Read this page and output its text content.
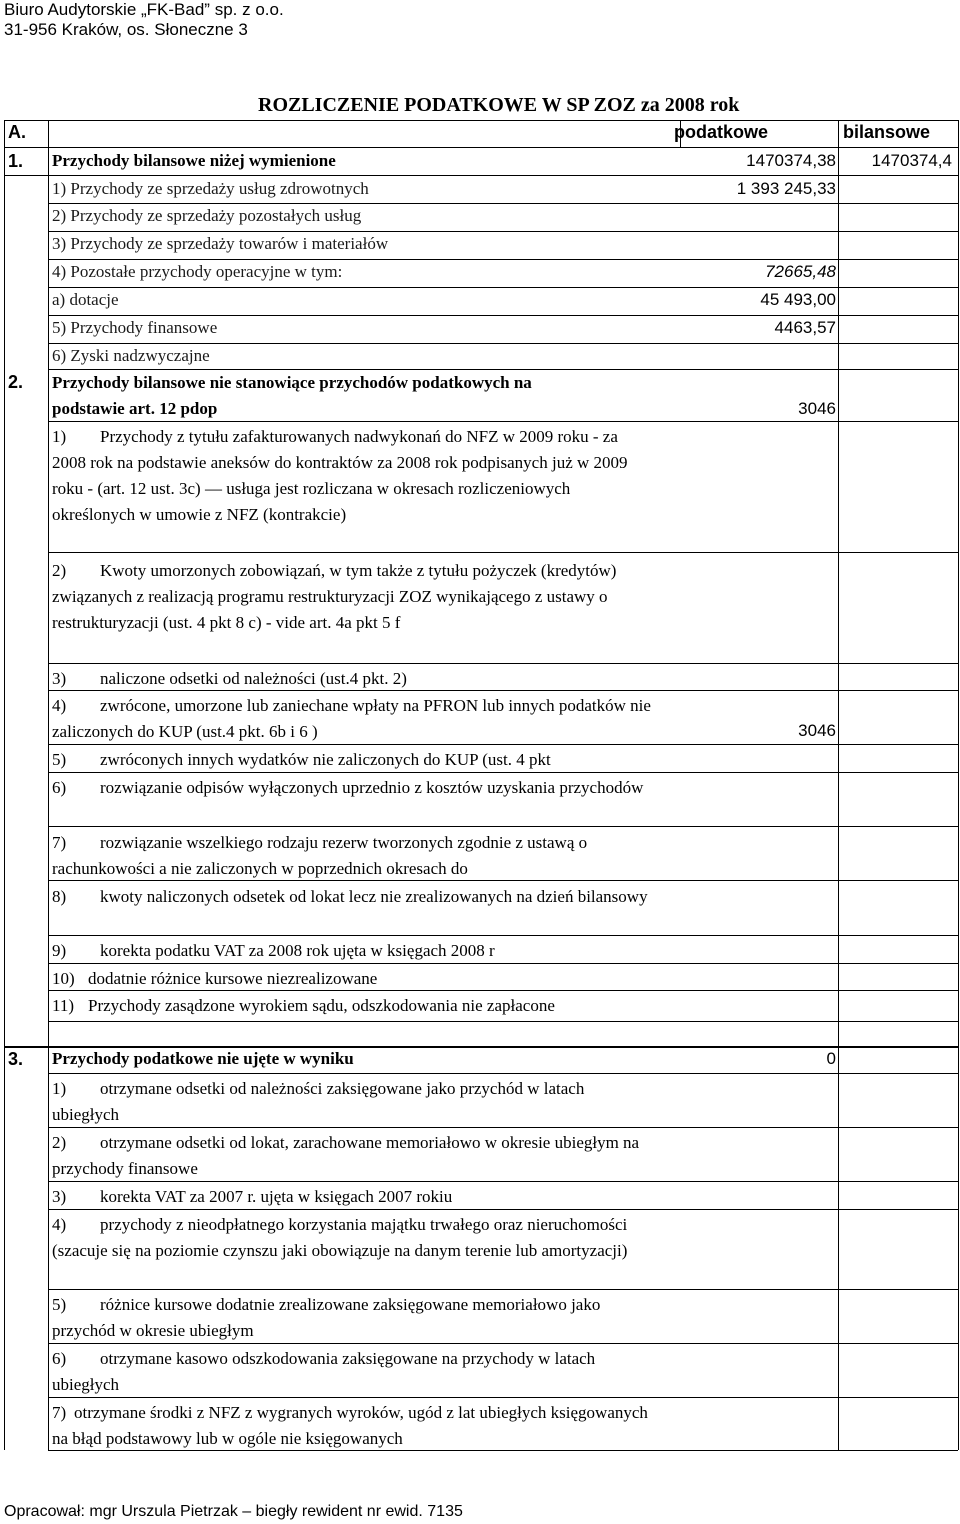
Biuro Audytorskie „FK-Bad” sp. z o.o.
31-956 Kraków, os. Słoneczne 3
ROZLICZENIE PODATKOWE W SP ZOZ za 2008 rok
A.	podatkowe	bilansowe
1. Przychody bilansowe niżej wymienione	1470374,38 1470374,4
1) Przychody ze sprzedaży usług zdrowotnych	1 393 245,33
2) Przychody ze sprzedaży pozostałych usług
3) Przychody ze sprzedaży towarów i materiałów
4) Pozostałe przychody operacyjne w tym:	72665,48
a) dotacje	45 493,00
5) Przychody finansowe	4463,57
6) Zyski nadzwyczajne
2. Przychody bilansowe nie stanowiące przychodów podatkowych na
podstawie art. 12 pdop	3046
1) Przychody z tytułu zafakturowanych nadwykonań do NFZ w 2009 roku - za 2008 rok na podstawie aneksów do kontraktów za 2008 rok podpisanych już w 2009 roku - (art. 12 ust. 3c) — usługa jest rozliczana w okresach rozliczeniowych określonych w umowie z NFZ (kontrakcie)
2) Kwoty umorzonych zobowiązań, w tym także z tytułu pożyczek (kredytów) związanych z realizacją programu restrukturyzacji ZOZ wynikającego z ustawy o restrukturyzacji (ust. 4 pkt 8 c) - vide art. 4a pkt 5 f
3) naliczone odsetki od należności (ust.4 pkt. 2)
4) zwrócone, umorzone lub zaniechane wpłaty na PFRON lub innych podatków nie zaliczonych do KUP (ust.4 pkt. 6b i 6 )	3046
5) zwróconych innych wydatków nie zaliczonych do KUP (ust. 4 pkt
6) rozwiązanie odpisów wyłączonych uprzednio z kosztów uzyskania przychodów
7) rozwiązanie wszelkiego rodzaju rezerw tworzonych zgodnie z ustawą o rachunkowości a nie zaliczonych w poprzednich okresach do
8) kwoty naliczonych odsetek od lokat lecz nie zrealizowanych na dzień bilansowy
9) korekta podatku VAT za 2008 rok ujęta w księgach 2008 r
10) dodatnie różnice kursowe niezrealizowane
11) Przychody zasądzone wyrokiem sądu, odszkodowania nie zapłacone
3. Przychody podatkowe nie ujęte w wyniku	0
1) otrzymane odsetki od należności zaksięgowane jako przychód w latach ubiegłych
2) otrzymane odsetki od lokat, zarachowane memoriałowo w okresie ubiegłym na przychody finansowe
3) korekta VAT za 2007 r. ujęta w księgach 2007 rokiu
4) przychody z nieodpłatnego korzystania majątku trwałego oraz nieruchomości (szacuje się na poziomie czynszu jaki obowiązuje na danym terenie lub amortyzacji)
5) różnice kursowe dodatnie zrealizowane zaksięgowane memoriałowo jako przychód w okresie ubiegłym
6) otrzymane kasowo odszkodowania zaksięgowane na przychody w latach ubiegłych
7) otrzymane środki z NFZ z wygranych wyroków, ugód z lat ubiegłych księgowanych na błąd podstawowy lub w ogóle nie księgowanych
Opracował: mgr Urszula Pietrzak – biegły rewident nr ewid. 7135
